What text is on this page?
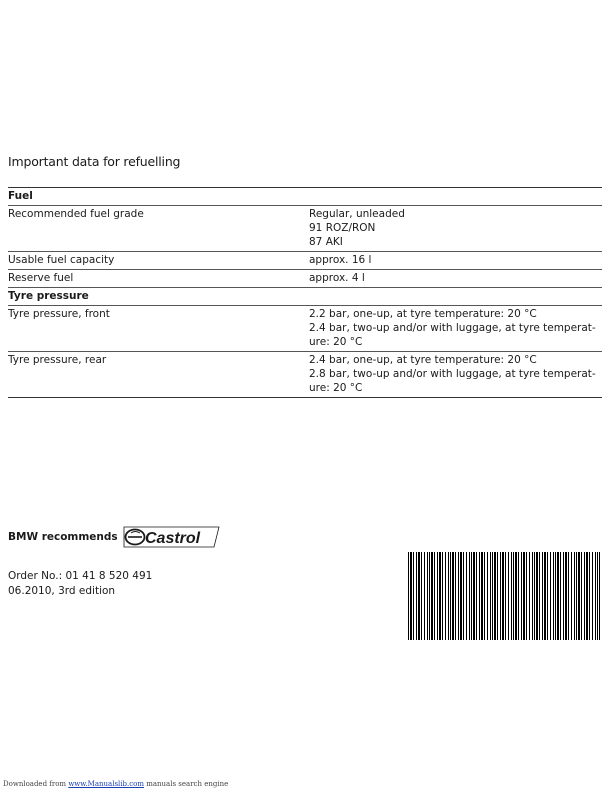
Important data for refuelling
Fuel	
Recommended fuel grade	Regular, unleaded
91 ROZ/RON
87 AKI

Usable fuel capacity	approx. 16 l

Reserve fuel	approx. 4 l

Tyre pressure	
Tyre pressure, front	2.2 bar, one-up, at tyre temperature: 20 °C
2.4 bar, two-up and/or with luggage, at tyre temperat-
ure: 20 °C

Tyre pressure, rear	2.4 bar, one-up, at tyre temperature: 20 °C
2.8 bar, two-up and/or with luggage, at tyre temperat-
ure: 20 °C
BMW recommends Castrol
Order No.: 01 41 8 520 491
06.2010, 3rd edition
Downloaded from www.Manualslib.com manuals search engine
